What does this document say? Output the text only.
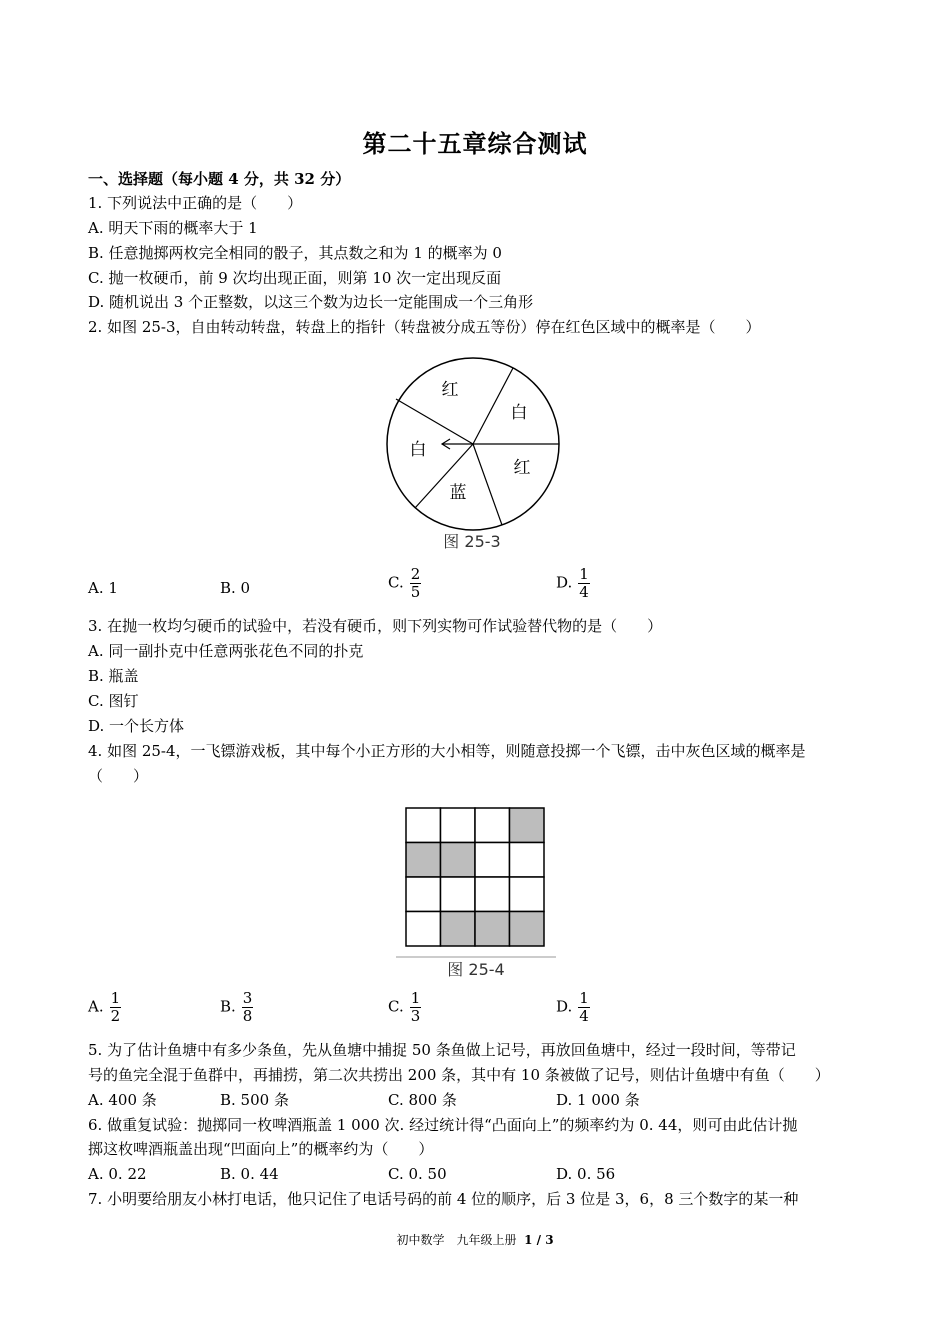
第二十五章综合测试
一、选择题（每小题 4 分，共 32 分）
1. 下列说法中正确的是（　　）
A. 明天下雨的概率大于 1
B. 任意抛掷两枚完全相同的骰子，其点数之和为 1 的概率为 0
C. 抛一枚硬币，前 9 次均出现正面，则第 10 次一定出现反面
D. 随机说出 3 个正整数，以这三个数为边长一定能围成一个三角形
2. 如图 25-3，自由转动转盘，转盘上的指针（转盘被分成五等份）停在红色区域中的概率是（　　）
红
白
红
蓝
白
图 25-3
A. 1	B. 0	C. $\frac{2}{5}$	D. $\frac{1}{4}$
3. 在抛一枚均匀硬币的试验中，若没有硬币，则下列实物可作试验替代物的是（　　）
A. 同一副扑克中任意两张花色不同的扑克
B. 瓶盖
C. 图钉
D. 一个长方体
4. 如图 25-4，一飞镖游戏板，其中每个小正方形的大小相等，则随意投掷一个飞镖，击中灰色区域的概率是
（　　）
图 25-4
A. $\frac{1}{2}$	B. $\frac{3}{8}$	C. $\frac{1}{3}$	D. $\frac{1}{4}$
5. 为了估计鱼塘中有多少条鱼，先从鱼塘中捕捉 50 条鱼做上记号，再放回鱼塘中，经过一段时间，等带记
号的鱼完全混于鱼群中，再捕捞，第二次共捞出 200 条，其中有 10 条被做了记号，则估计鱼塘中有鱼（　　）
A. 400 条	B. 500 条	C. 800 条	D. 1 000 条
6. 做重复试验：抛掷同一枚啤酒瓶盖 1 000 次. 经过统计得“凸面向上”的频率约为 0. 44，则可由此估计抛
掷这枚啤酒瓶盖出现“凹面向上”的概率约为（　　）
A. 0. 22	B. 0. 44	C. 0. 50	D. 0. 56
7. 小明要给朋友小林打电话，他只记住了电话号码的前 4 位的顺序，后 3 位是 3，6，8 三个数字的某一种
初中数学　九年级上册 1 / 3
